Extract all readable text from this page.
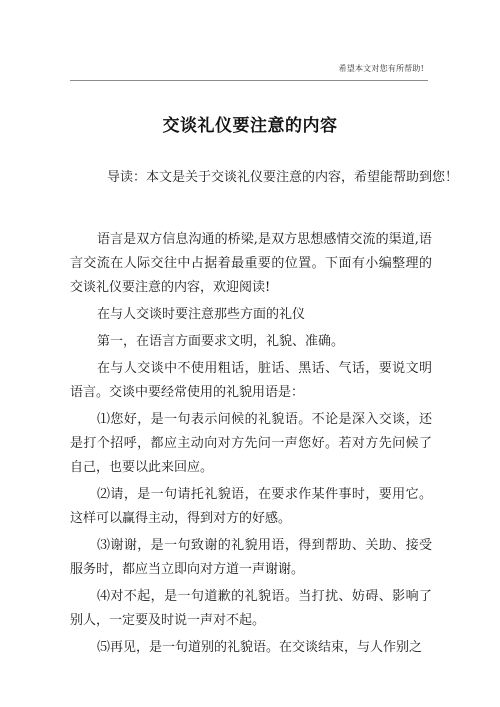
希望本文对您有所帮助!
交谈礼仪要注意的内容

导读：本文是关于交谈礼仪要注意的内容，希望能帮助到您！

语言是双方信息沟通的桥梁,是双方思想感情交流的渠道,语言交流在人际交往中占据着最重要的位置。下面有小编整理的交谈礼仪要注意的内容，欢迎阅读!

在与人交谈时要注意那些方面的礼仪

第一，在语言方面要求文明，礼貌、准确。

在与人交谈中不使用粗话，脏话、黑话、气话，要说文明语言。交谈中要经常使用的礼貌用语是：

⑴您好，是一句表示问候的礼貌语。不论是深入交谈，还是打个招呼，都应主动向对方先问一声您好。若对方先问候了自己，也要以此来回应。

⑵请，是一句请托礼貌语，在要求作某件事时，要用它。这样可以赢得主动，得到对方的好感。

⑶谢谢，是一句致谢的礼貌用语，得到帮助、关助、接受服务时，都应当立即向对方道一声谢谢。

⑷对不起，是一句道歉的礼貌语。当打扰、妨碍、影响了别人，一定要及时说一声对不起。

⑸再见，是一句道别的礼貌语。在交谈结束，与人作别之
